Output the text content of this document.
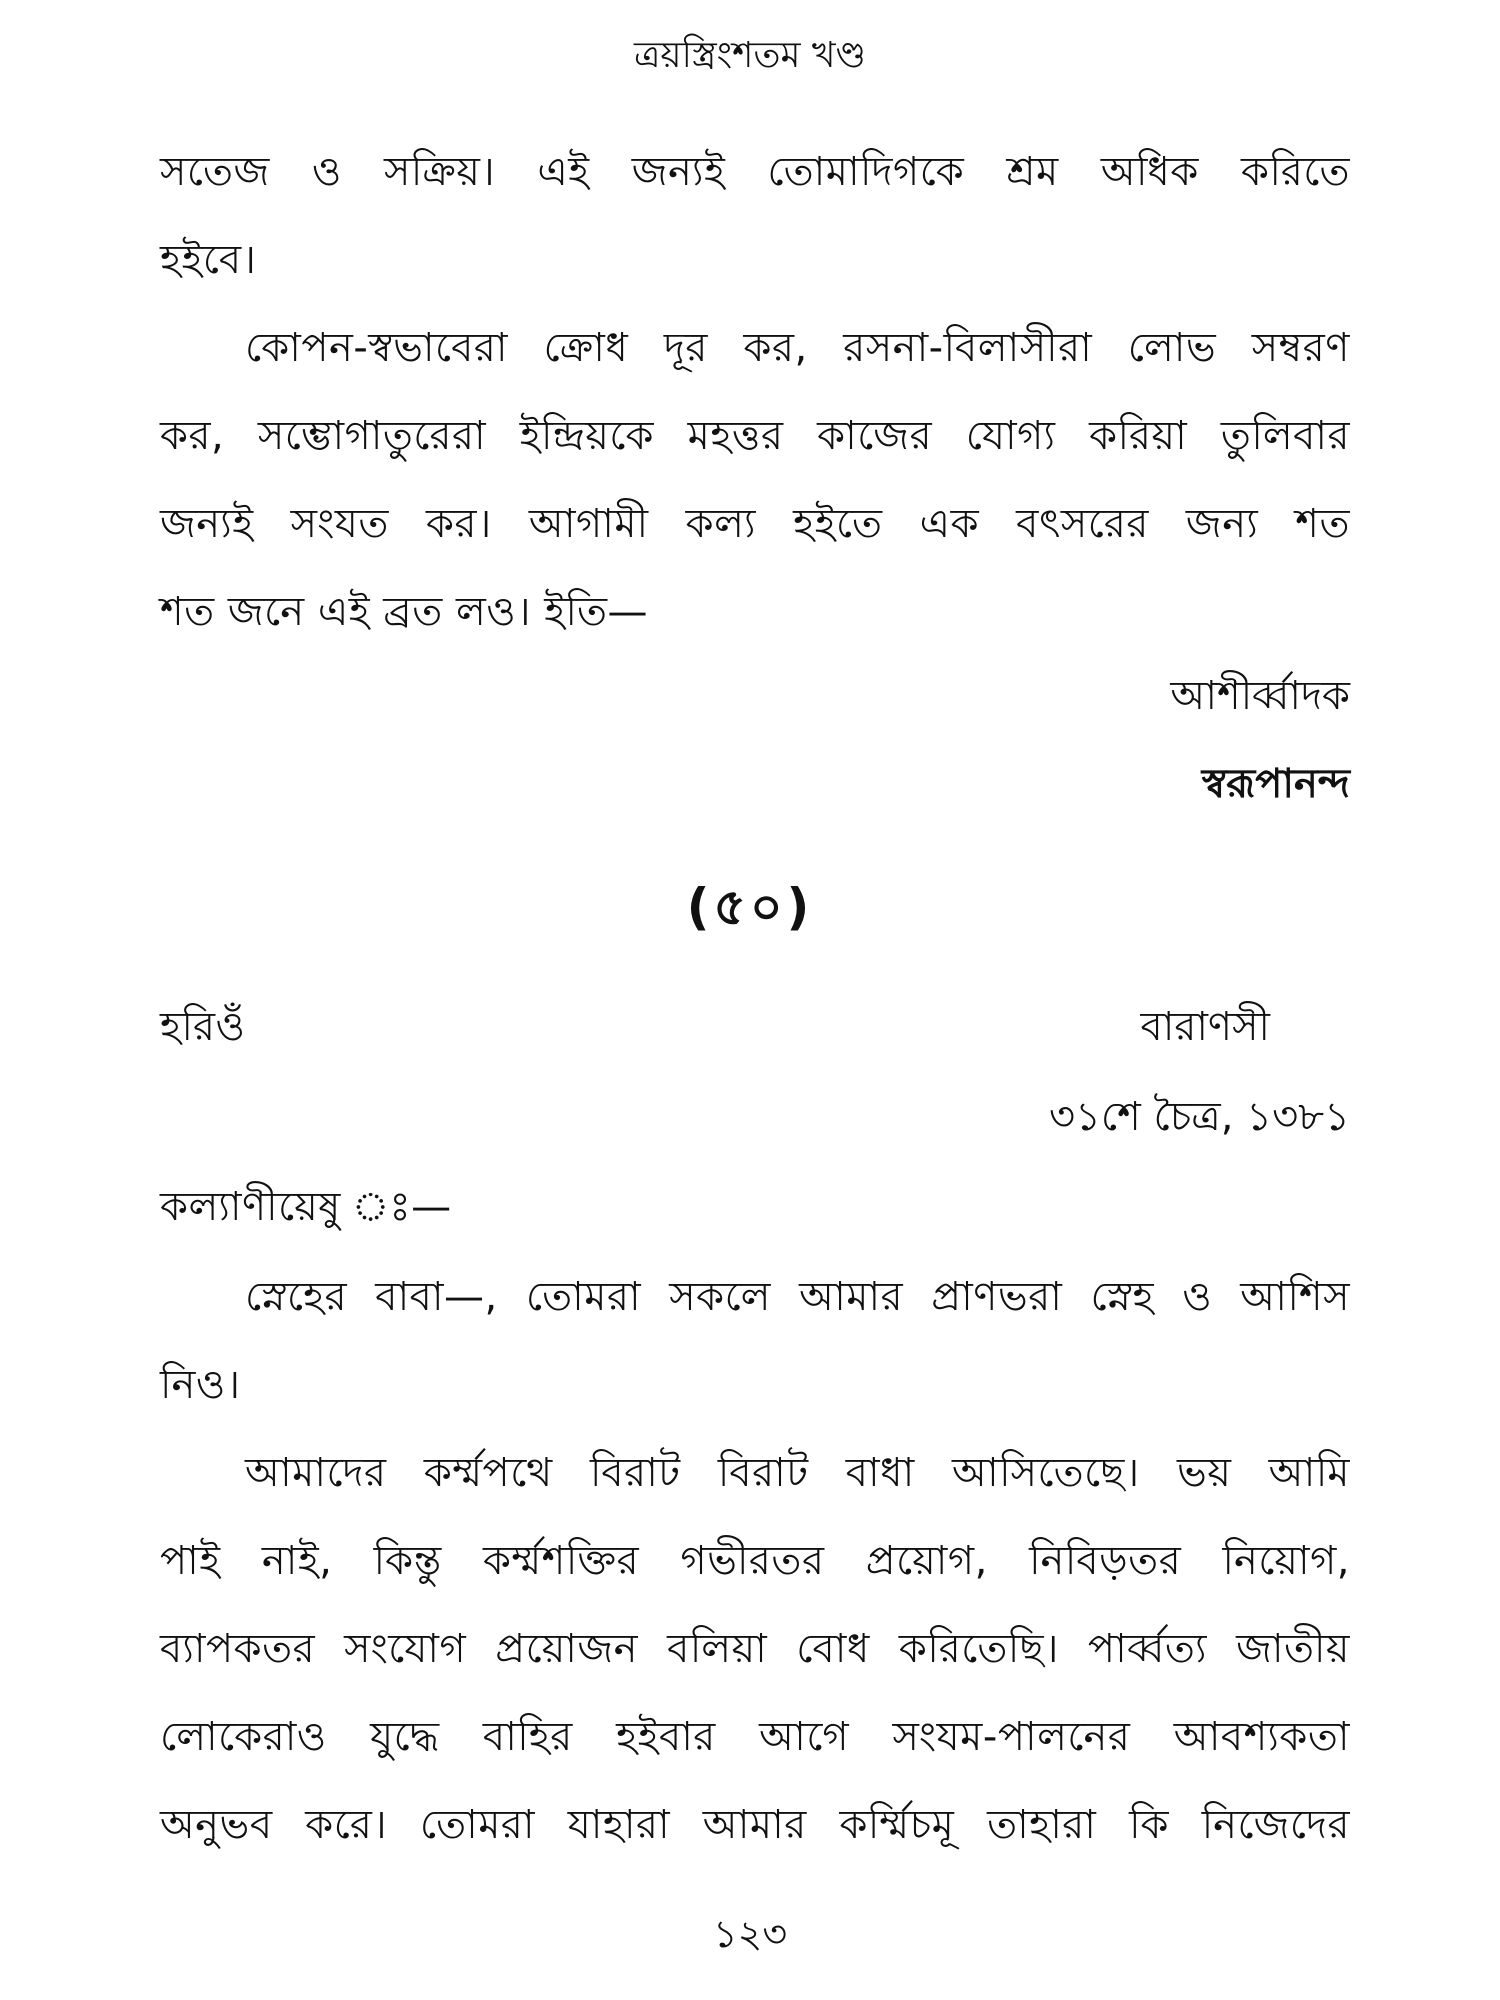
ত্রয়স্ত্রিংশতম খণ্ড
সতেজ ও সক্রিয়। এই জন্যই তোমাদিগকে শ্রম অধিক করিতে
হইবে।
কোপন-স্বভাবেরা ক্রোধ দূর কর, রসনা-বিলাসীরা লোভ সম্বরণ
কর, সম্ভোগাতুরেরা ইন্দ্রিয়কে মহত্তর কাজের যোগ্য করিয়া তুলিবার
জন্যই সংযত কর। আগামী কল্য হইতে এক বৎসরের জন্য শত
শত জনে এই ব্রত লও। ইতি—
আশীর্ব্বাদক
স্বরূপানন্দ
(৫০)
হরিওঁ	বারাণসী
৩১শে চৈত্র, ১৩৮১
কল্যাণীয়েষু ঃ—
স্নেহের বাবা—, তোমরা সকলে আমার প্রাণভরা স্নেহ ও আশিস
নিও।
আমাদের কর্ম্মপথে বিরাট বিরাট বাধা আসিতেছে। ভয় আমি
পাই নাই, কিন্তু কর্ম্মশক্তির গভীরতর প্রয়োগ, নিবিড়তর নিয়োগ,
ব্যাপকতর সংযোগ প্রয়োজন বলিয়া বোধ করিতেছি। পার্ব্বত্য জাতীয়
লোকেরাও যুদ্ধে বাহির হইবার আগে সংযম-পালনের আবশ্যকতা
অনুভব করে। তোমরা যাহারা আমার কর্ম্মিচমূ তাহারা কি নিজেদের
১২৩
